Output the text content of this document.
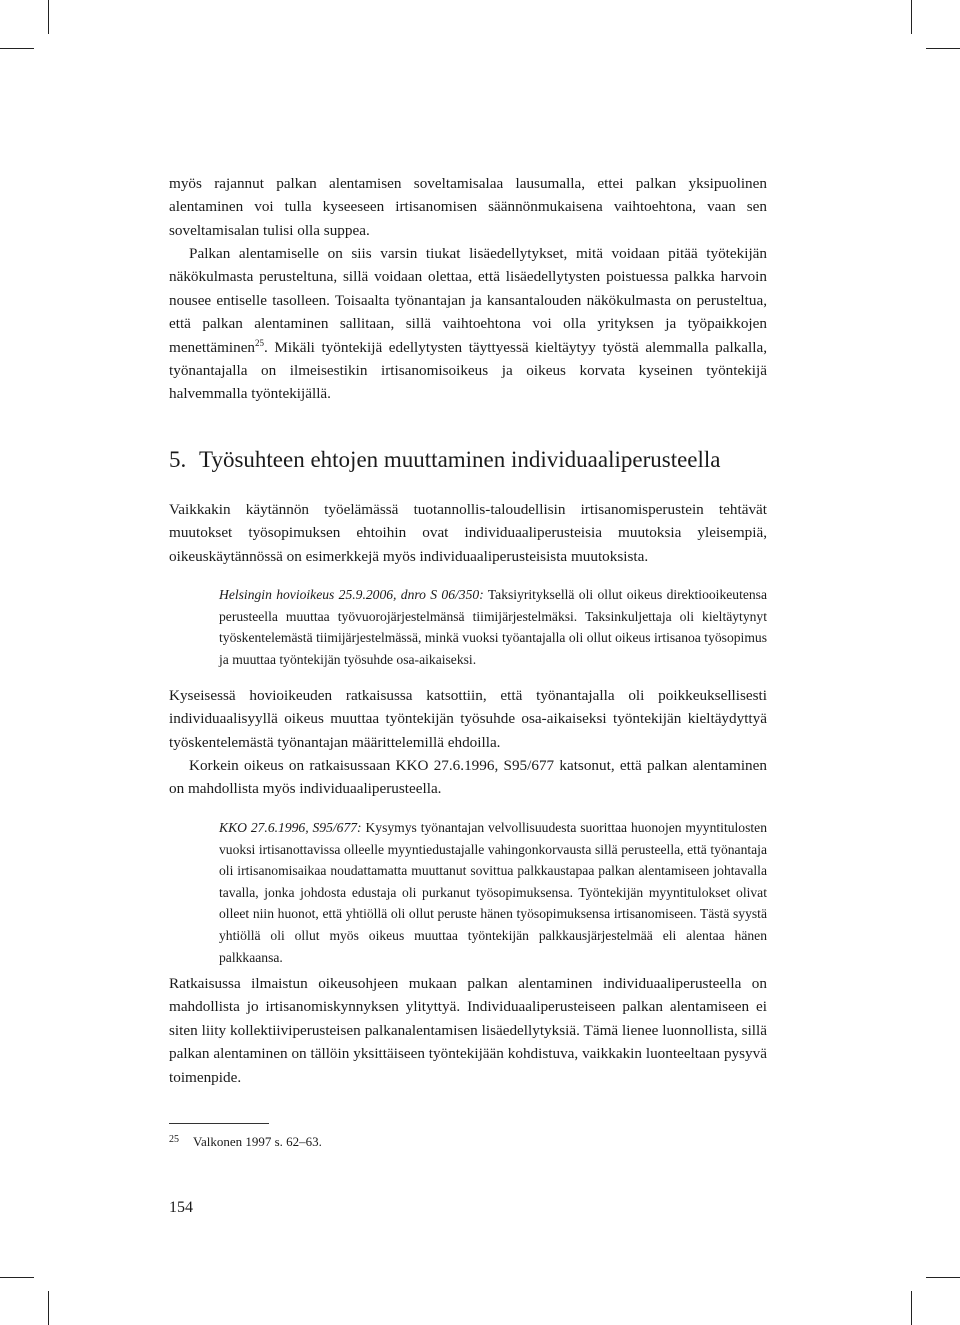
myös rajannut palkan alentamisen soveltamisalaa lausumalla, ettei palkan yksipuolinen alentaminen voi tulla kyseeseen irtisanomisen säännönmukaisena vaihtoehtona, vaan sen soveltamisalan tulisi olla suppea.
Palkan alentamiselle on siis varsin tiukat lisäedellytykset, mitä voidaan pitää työtekijän näkökulmasta perusteltuna, sillä voidaan olettaa, että lisäedellytysten poistuessa palkka harvoin nousee entiselle tasolleen. Toisaalta työnantajan ja kansantalouden näkökulmasta on perusteltua, että palkan alentaminen sallitaan, sillä vaihtoehtona voi olla yrityksen ja työpaikkojen menettäminen$^{25}$. Mikäli työntekijä edellytysten täyttyessä kieltäytyy työstä alemmalla palkalla, työnantajalla on ilmeisestikin irtisanomisoikeus ja oikeus korvata kyseinen työntekijä halvemmalla työntekijällä.
5. Työsuhteen ehtojen muuttaminen individuaaliperusteella
Vaikkakin käytännön työelämässä tuotannollis-taloudellisin irtisanomisperustein tehtävät muutokset työsopimuksen ehtoihin ovat individuaaliperusteisia muutoksia yleisempiä, oikeuskäytännössä on esimerkkejä myös individuaaliperusteisista muutoksista.
Helsingin hovioikeus 25.9.2006, dnro S 06/350: Taksiyrityksellä oli ollut oikeus direktiooikeutensa perusteella muuttaa työvuorojärjestelmänsä tiimijärjestelmäksi. Taksinkuljettaja oli kieltäytynyt työskentelemästä tiimijärjestelmässä, minkä vuoksi työantajalla oli ollut oikeus irtisanoa työsopimus ja muuttaa työntekijän työsuhde osa-aikaiseksi.
Kyseisessä hovioikeuden ratkaisussa katsottiin, että työnantajalla oli poikkeuksellisesti individuaalisyyllä oikeus muuttaa työntekijän työsuhde osa-aikaiseksi työntekijän kieltäydyttyä työskentelemästä työnantajan määrittelemillä ehdoilla.
Korkein oikeus on ratkaisussaan KKO 27.6.1996, S95/677 katsonut, että palkan alentaminen on mahdollista myös individuaaliperusteella.
KKO 27.6.1996, S95/677: Kysymys työnantajan velvollisuudesta suorittaa huonojen myyntitulosten vuoksi irtisanottavissa olleelle myyntiedustajalle vahingonkorvausta sillä perusteella, että työnantaja oli irtisanomisaikaa noudattamatta muuttanut sovittua palkkaustapaa palkan alentamiseen johtavalla tavalla, jonka johdosta edustaja oli purkanut työsopimuksensa. Työntekijän myyntitulokset olivat olleet niin huonot, että yhtiöllä oli ollut peruste hänen työsopimuksensa irtisanomiseen. Tästä syystä yhtiöllä oli ollut myös oikeus muuttaa työntekijän palkkausjärjestelmää eli alentaa hänen palkkaansa.
Ratkaisussa ilmaistun oikeusohjeen mukaan palkan alentaminen individuaaliperusteella on mahdollista jo irtisanomiskynnyksen ylityttyä. Individuaaliperusteiseen palkan alentamiseen ei siten liity kollektiiviperusteisen palkanalentamisen lisäedellytyksiä. Tämä lienee luonnollista, sillä palkan alentaminen on tällöin yksittäiseen työntekijään kohdistuva, vaikkakin luonteeltaan pysyvä toimenpide.
25 Valkonen 1997 s. 62–63.
154
